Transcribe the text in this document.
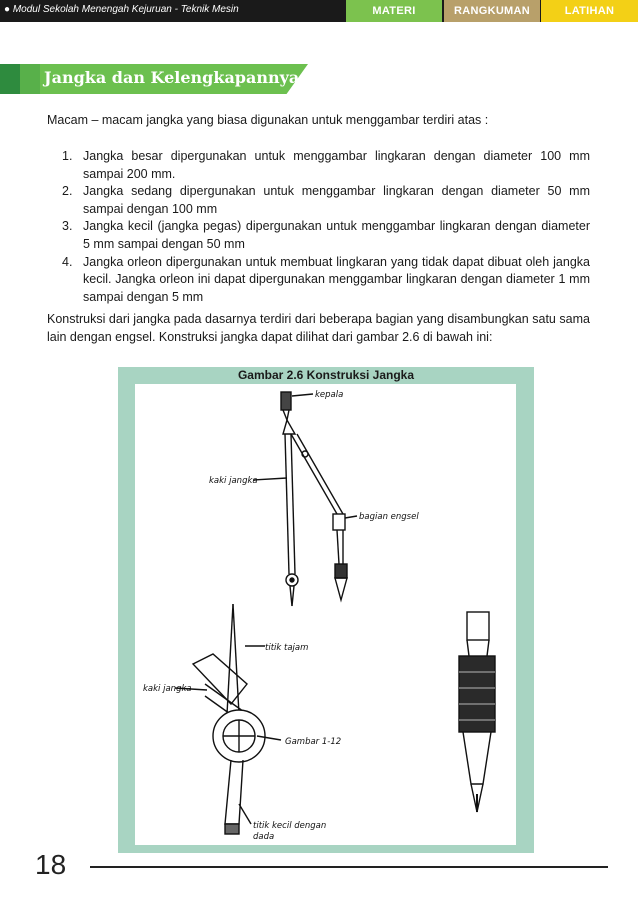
● Modul Sekolah Menengah Kejuruan - Teknik Mesin	MATERI	RANGKUMAN	LATIHAN
Jangka dan Kelengkapannya
Macam – macam jangka yang biasa digunakan untuk menggambar terdiri atas :
1. Jangka besar dipergunakan untuk menggambar lingkaran dengan diameter 100 mm sampai 200 mm.
2. Jangka sedang dipergunakan untuk menggambar lingkaran dengan diameter 50 mm sampai dengan 100 mm
3. Jangka kecil (jangka pegas) dipergunakan untuk menggambar lingkaran dengan diameter 5 mm sampai dengan 50 mm
4. Jangka orleon dipergunakan untuk membuat lingkaran yang tidak dapat dibuat oleh jangka kecil. Jangka orleon ini dapat dipergunakan menggambar lingkaran dengan diameter 1 mm sampai dengan 5 mm
Konstruksi dari jangka pada dasarnya terdiri dari beberapa bagian yang disambungkan satu sama lain dengan engsel. Konstruksi jangka dapat dilihat dari gambar 2.6 di bawah ini:
Gambar 2.6 Konstruksi Jangka
kepala
kaki jangka
bagian engsel
titik tajam
kaki jangka
Gambar 1-12
titik kecil dengan
dada
18
